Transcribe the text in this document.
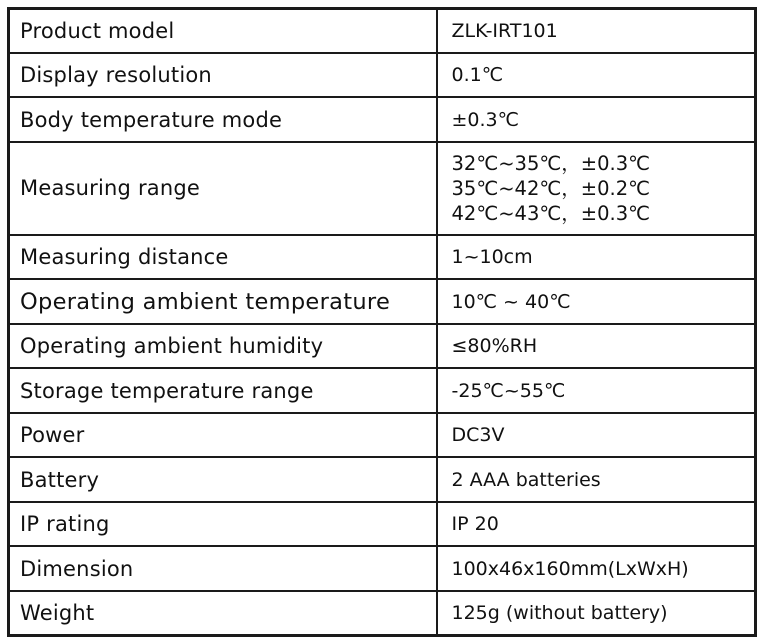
Product model	ZLK-IRT101
Display resolution	0.1℃
Body temperature mode	±0.3℃
Measuring range	32℃~35℃，±0.3℃
35℃~42℃，±0.2℃
42℃~43℃，±0.3℃

Measuring distance	1~10cm
Operating ambient temperature	10℃ ~ 40℃
Operating ambient humidity	≤80%RH
Storage temperature range	-25℃~55℃
Power	DC3V
Battery	2 AAA batteries
IP rating	IP 20
Dimension	100x46x160mm(LxWxH)
Weight	125g (without battery)
